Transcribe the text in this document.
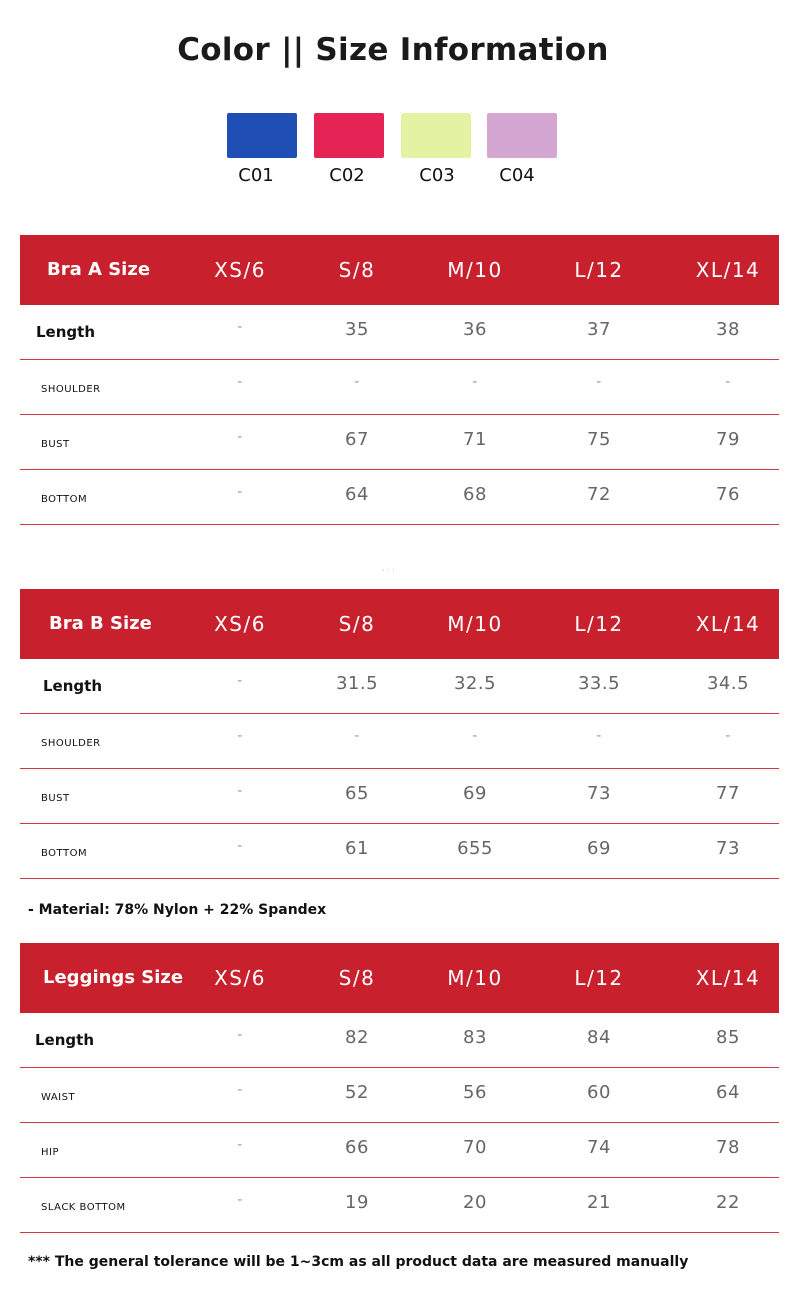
Color || Size Information
C01	C02	C03	C04
Bra A Size	XS/6	S/8	M/10	L/12	XL/14
Length	-	35	36	37	38
SHOULDER	-	-	-	-	-
BUST	-	67	71	75	79
BOTTOM	-	64	68	72	76
· · ·
Bra B Size	XS/6	S/8	M/10	L/12	XL/14
Length	-	31.5	32.5	33.5	34.5
SHOULDER	-	-	-	-	-
BUST	-	65	69	73	77
BOTTOM	-	61	655	69	73
- Material: 78% Nylon + 22% Spandex
Leggings Size	XS/6	S/8	M/10	L/12	XL/14
Length	-	82	83	84	85
WAIST	-	52	56	60	64
HIP	-	66	70	74	78
SLACK BOTTOM	-	19	20	21	22
*** The general tolerance will be 1~3cm as all product data are measured manually
